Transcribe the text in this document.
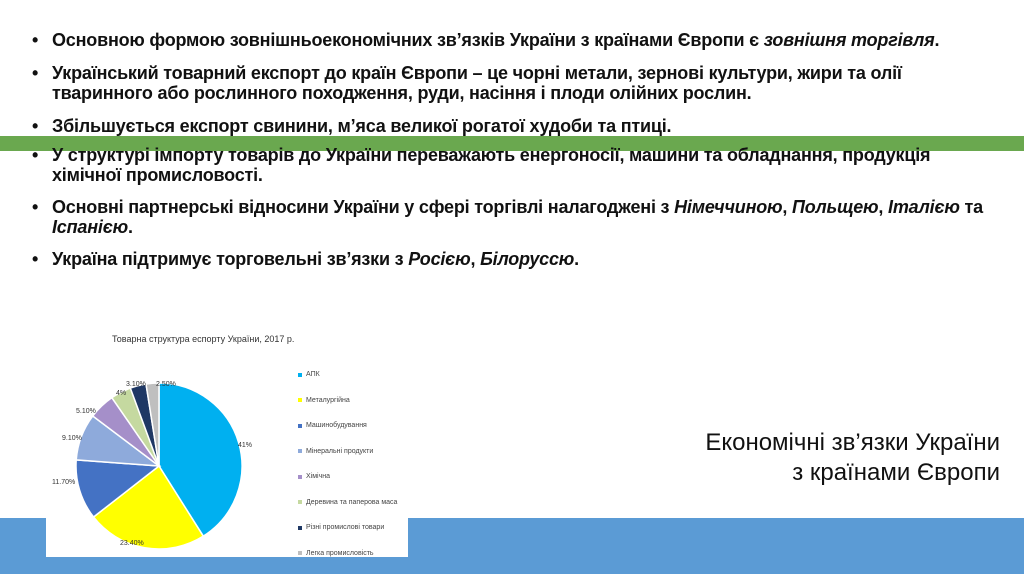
• Основною формою зовнішньоекономічних зв’язків України з країнами Європи є зовнішня торгівля.
• Український товарний експорт до країн Європи – це чорні метали, зернові культури, жири та олії тваринного або рослинного походження, руди, насіння і плоди олійних рослин.
• Збільшується експорт свинини, м’яса великої рогатої худоби та птиці.
• У структурі імпорту товарів до України переважають енергоносії, машини та обладнання, продукція хімічної промисловості.
• Основні партнерські відносини України у сфері торгівлі налагоджені з Німеччиною, Польщею, Італією та Іспанією.
• Україна підтримує торговельні зв’язки з Росією, Білоруссю.
Товарна структура еспорту України, 2017 р.
41%
23.40%
11.70%
9.10%
5.10%
4%
3.10% 2.50%
АПК
Металургійна
Машинобудування
Мінеральні продукти
Хімічна
Деревина та паперова маса
Різні промислові товари
Легка промисловість
Економічні зв’язки України
з країнами Європи
